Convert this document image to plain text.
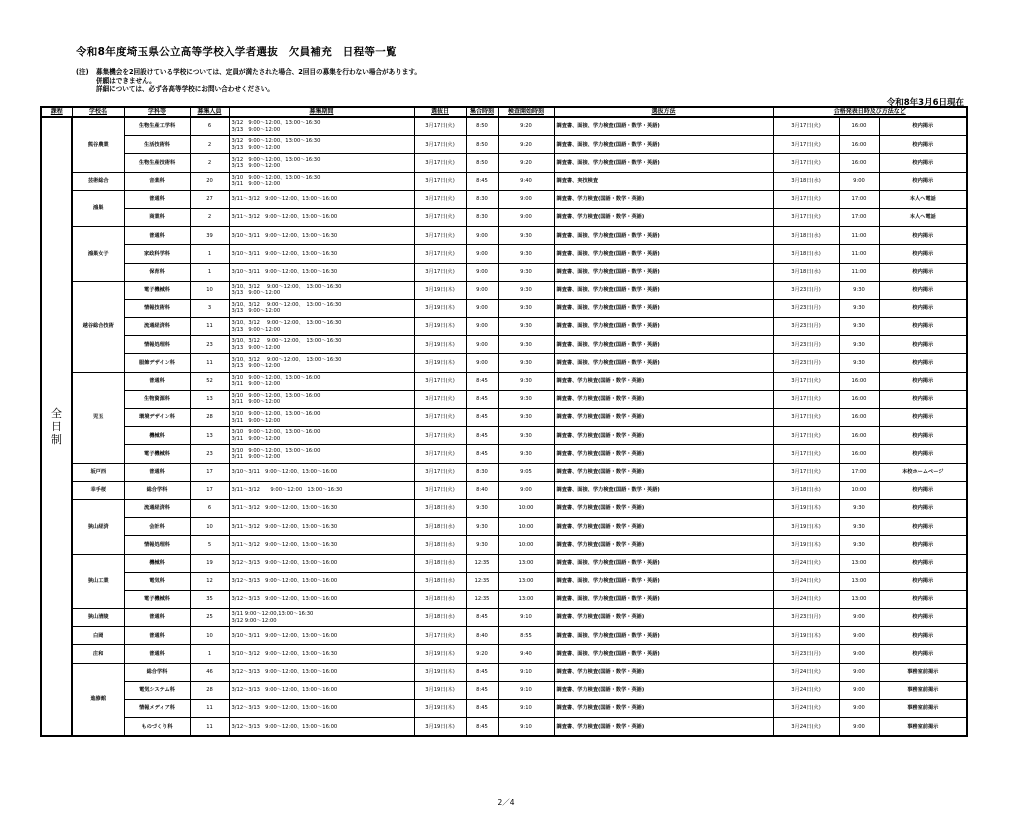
令和8年度埼玉県公立高等学校入学者選抜　欠員補充　日程等一覧
(注)	募集機会を2回設けている学校については、定員が満たされた場合、2回目の募集を行わない場合があります。
併願はできません。
詳細については、必ず各高等学校にお問い合わせください。
令和8年3月6日現在
課程	学校名	学科等	募集人員	募集期間	選抜日	集合時刻	検査開始時刻	選抜方法	合格発表日時及び方法など		

全
日
制
	熊谷農業	生物生産工学科	6	
3/12　9:00～12:00、13:00～16:30
3/13　9:00～12:00
	3月17日(火)	8:50	9:20	調査書、面接、学力検査(国語・数学・英語)	3月17日(火)	16:00	校内掲示
		生活技術科	2	3/12　9:00～12:00、13:00～16:30
3/13　9:00～12:00	3月17日(火)	8:50	9:20	調査書、面接、学力検査(国語・数学・英語)	3月17日(火)	16:00	校内掲示
		生物生産技術科	2	3/12　9:00～12:00、13:00～16:30
3/13　9:00～12:00	3月17日(火)	8:50	9:20	調査書、面接、学力検査(国語・数学・英語)	3月17日(火)	16:00	校内掲示
	芸術総合	音楽科	20	3/10　9:00～12:00、13:00～16:30
3/11　9:00～12:00	3月17日(火)	8:45	9:40	調査書、実技検査	3月18日(水)	9:00	校内掲示
	鴻巣	普通科	27	3/11～3/12　9:00～12:00、13:00～16:00	3月17日(火)	8:30	9:00	調査書、学力検査(国語・数学・英語)	3月17日(火)	17:00	本人へ電話
		商業科	2	3/11～3/12　9:00～12:00、13:00～16:00	3月17日(火)	8:30	9:00	調査書、学力検査(国語・数学・英語)	3月17日(火)	17:00	本人へ電話
	鴻巣女子	普通科	39	3/10～3/11　9:00～12:00、13:00～16:30	3月17日(火)	9:00	9:30	調査書、面接、学力検査(国語・数学・英語)	3月18日(水)	11:00	校内掲示
		家政科学科	1	3/10～3/11　9:00～12:00、13:00～16:30	3月17日(火)	9:00	9:30	調査書、面接、学力検査(国語・数学・英語)	3月18日(水)	11:00	校内掲示
		保育科	1	3/10～3/11　9:00～12:00、13:00～16:30	3月17日(火)	9:00	9:30	調査書、面接、学力検査(国語・数学・英語)	3月18日(水)	11:00	校内掲示
	越谷総合技術	電子機械科	10	3/10、3/12　 9:00～12:00、　13:00～16:30
3/13　9:00～12:00	3月19日(木)	9:00	9:30	調査書、面接、学力検査(国語・数学・英語)	3月23日(月)	9:30	校内掲示
		情報技術科	3	3/10、3/12　 9:00～12:00、　13:00～16:30
3/13　9:00～12:00	3月19日(木)	9:00	9:30	調査書、面接、学力検査(国語・数学・英語)	3月23日(月)	9:30	校内掲示
		流通経済科	11	3/10、3/12　 9:00～12:00、　13:00～16:30
3/13　9:00～12:00	3月19日(木)	9:00	9:30	調査書、面接、学力検査(国語・数学・英語)	3月23日(月)	9:30	校内掲示
		情報処理科	23	3/10、3/12　 9:00～12:00、　13:00～16:30
3/13　9:00～12:00	3月19日(木)	9:00	9:30	調査書、面接、学力検査(国語・数学・英語)	3月23日(月)	9:30	校内掲示
		服飾デザイン科	11	3/10、3/12　 9:00～12:00、　13:00～16:30
3/13　9:00～12:00	3月19日(木)	9:00	9:30	調査書、面接、学力検査(国語・数学・英語)	3月23日(月)	9:30	校内掲示
	児玉	普通科	52	3/10　9:00～12:00、13:00～16:00
3/11　9:00～12:00	3月17日(火)	8:45	9:30	調査書、学力検査(国語・数学・英語)	3月17日(火)	16:00	校内掲示
		生物資源科	13	3/10　9:00～12:00、13:00～16:00
3/11　9:00～12:00	3月17日(火)	8:45	9:30	調査書、学力検査(国語・数学・英語)	3月17日(火)	16:00	校内掲示
		環境デザイン科	28	3/10　9:00～12:00、13:00～16:00
3/11　9:00～12:00	3月17日(火)	8:45	9:30	調査書、学力検査(国語・数学・英語)	3月17日(火)	16:00	校内掲示
		機械科	13	3/10　9:00～12:00、13:00～16:00
3/11　9:00～12:00	3月17日(火)	8:45	9:30	調査書、学力検査(国語・数学・英語)	3月17日(火)	16:00	校内掲示
		電子機械科	23	3/10　9:00～12:00、13:00～16:00
3/11　9:00～12:00	3月17日(火)	8:45	9:30	調査書、学力検査(国語・数学・英語)	3月17日(火)	16:00	校内掲示
	坂戸西	普通科	17	3/10～3/11　9:00～12:00、13:00～16:00	3月17日(火)	8:30	9:05	調査書、学力検査(国語・数学・英語)	3月17日(火)	17:00	本校ホームページ
	幸手桜	総合学科	17	3/11～3/12　　9:00～12:00　13:00～16:30	3月17日(火)	8:40	9:00	調査書、面接、学力検査(国語・数学・英語)	3月18日(水)	10:00	校内掲示
	狭山経済	流通経済科	6	3/11～3/12　9:00～12:00、13:00～16:30	3月18日(水)	9:30	10:00	調査書、学力検査(国語・数学・英語)	3月19日(木)	9:30	校内掲示
		会計科	10	3/11～3/12　9:00～12:00、13:00～16:30	3月18日(水)	9:30	10:00	調査書、学力検査(国語・数学・英語)	3月19日(木)	9:30	校内掲示
		情報処理科	5	3/11～3/12　9:00～12:00、13:00～16:30	3月18日(水)	9:30	10:00	調査書、学力検査(国語・数学・英語)	3月19日(木)	9:30	校内掲示
	狭山工業	機械科	19	3/12～3/13　9:00～12:00、13:00～16:00	3月18日(水)	12:35	13:00	調査書、面接、学力検査(国語・数学・英語)	3月24日(火)	13:00	校内掲示
		電気科	12	3/12～3/13　9:00～12:00、13:00～16:00	3月18日(水)	12:35	13:00	調査書、面接、学力検査(国語・数学・英語)	3月24日(火)	13:00	校内掲示
		電子機械科	35	3/12～3/13　9:00～12:00、13:00～16:00	3月18日(水)	12:35	13:00	調査書、面接、学力検査(国語・数学・英語)	3月24日(火)	13:00	校内掲示
	狭山清陵	普通科	25	3/11 9:00～12:00,13:00～16:30
3/12 9:00～12:00	3月18日(水)	8:45	9:10	調査書、学力検査(国語・数学・英語)	3月23日(月)	9:00	校内掲示
	白岡	普通科	10	3/10～3/11　9:00～12:00、13:00～16:00	3月17日(火)	8:40	8:55	調査書、面接、学力検査(国語・数学・英語)	3月19日(木)	9:00	校内掲示
	庄和	普通科	1	3/10～3/12　9:00～12:00、13:00～16:30	3月19日(木)	9:20	9:40	調査書、面接、学力検査(国語・数学・英語)	3月23日(月)	9:00	校内掲示
	進修館	総合学科	46	3/12～3/13　9:00～12:00、13:00～16:00	3月19日(木)	8:45	9:10	調査書、学力検査(国語・数学・英語)	3月24日(火)	9:00	事務室前掲示
		電気システム科	28	3/12～3/13　9:00～12:00、13:00～16:00	3月19日(木)	8:45	9:10	調査書、学力検査(国語・数学・英語)	3月24日(火)	9:00	事務室前掲示
		情報メディア科	11	3/12～3/13　9:00～12:00、13:00～16:00	3月19日(木)	8:45	9:10	調査書、学力検査(国語・数学・英語)	3月24日(火)	9:00	事務室前掲示
		ものづくり科	11	3/12～3/13　9:00～12:00、13:00～16:00	3月19日(木)	8:45	9:10	調査書、学力検査(国語・数学・英語)	3月24日(火)	9:00	事務室前掲示
2／4
